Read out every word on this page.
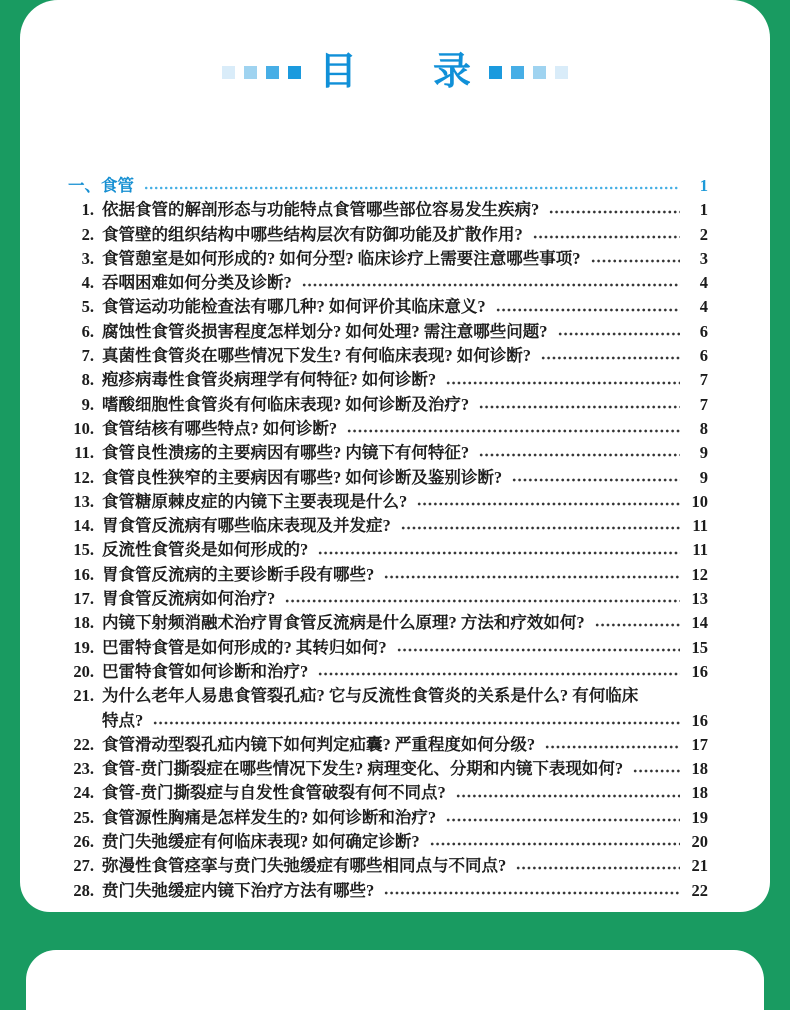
目　　录
一、食管	1
1. 依据食管的解剖形态与功能特点食管哪些部位容易发生疾病?	1
2. 食管壁的组织结构中哪些结构层次有防御功能及扩散作用?	2
3. 食管憩室是如何形成的? 如何分型? 临床诊疗上需要注意哪些事项?	3
4. 吞咽困难如何分类及诊断?	4
5. 食管运动功能检查法有哪几种? 如何评价其临床意义?	4
6. 腐蚀性食管炎损害程度怎样划分? 如何处理? 需注意哪些问题?	6
7. 真菌性食管炎在哪些情况下发生? 有何临床表现? 如何诊断?	6
8. 疱疹病毒性食管炎病理学有何特征? 如何诊断?	7
9. 嗜酸细胞性食管炎有何临床表现? 如何诊断及治疗?	7
10. 食管结核有哪些特点? 如何诊断?	8
11. 食管良性溃疡的主要病因有哪些? 内镜下有何特征?	9
12. 食管良性狭窄的主要病因有哪些? 如何诊断及鉴别诊断?	9
13. 食管糖原棘皮症的内镜下主要表现是什么?	10
14. 胃食管反流病有哪些临床表现及并发症?	11
15. 反流性食管炎是如何形成的?	11
16. 胃食管反流病的主要诊断手段有哪些?	12
17. 胃食管反流病如何治疗?	13
18. 内镜下射频消融术治疗胃食管反流病是什么原理? 方法和疗效如何?	14
19. 巴雷特食管是如何形成的? 其转归如何?	15
20. 巴雷特食管如何诊断和治疗?	16
21. 为什么老年人易患食管裂孔疝? 它与反流性食管炎的关系是什么? 有何临床
特点?	16
22. 食管滑动型裂孔疝内镜下如何判定疝囊? 严重程度如何分级?	17
23. 食管-贲门撕裂症在哪些情况下发生? 病理变化、分期和内镜下表现如何?	18
24. 食管-贲门撕裂症与自发性食管破裂有何不同点?	18
25. 食管源性胸痛是怎样发生的? 如何诊断和治疗?	19
26. 贲门失弛缓症有何临床表现? 如何确定诊断?	20
27. 弥漫性食管痉挛与贲门失弛缓症有哪些相同点与不同点?	21
28. 贲门失弛缓症内镜下治疗方法有哪些?	22
